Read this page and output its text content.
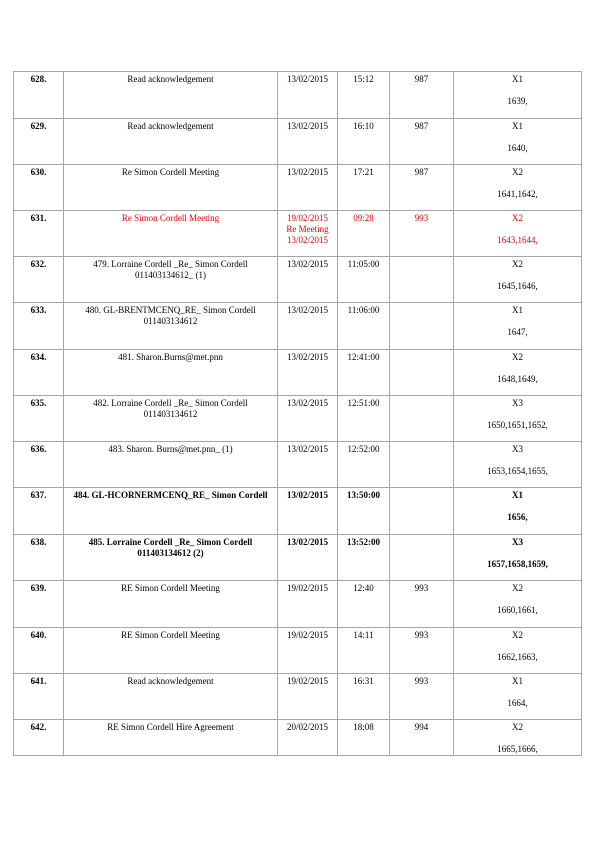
628.	Read acknowledgement	13/02/2015	15:12	987	X1
1639,

629.	Read acknowledgement	13/02/2015	16:10	987	X1
1640,

630.	Re Simon Cordell Meeting	13/02/2015	17:21	987	X2
1641,1642,

631.	Re Simon Cordell Meeting	19/02/2015
Re Meeting
13/02/2015	09:28	993	X2
1643,1644,

632.	479. Lorraine Cordell _Re_ Simon Cordell 011403134612_ (1)	13/02/2015	11:05:00		X2
1645,1646,

633.	480. GL-BRENTMCENQ_RE_ Simon Cordell 011403134612	13/02/2015	11:06:00		X1
1647,

634.	481. Sharon.Burns@met.pnn	13/02/2015	12:41:00		X2
1648,1649,

635.	482. Lorraine Cordell _Re_ Simon Cordell 011403134612	13/02/2015	12:51:00		X3
1650,1651,1652,

636.	483. Sharon. Burns@met.pnn_ (1)	13/02/2015	12:52:00		X3
1653,1654,1655,

637.	484. GL-HCORNERMCENQ_RE_ Simon Cordell	13/02/2015	13:50:00		X1
1656,

638.	485. Lorraine Cordell _Re_ Simon Cordell 011403134612 (2)	13/02/2015	13:52:00		X3
1657,1658,1659,

639.	RE Simon Cordell Meeting	19/02/2015	12:40	993	X2
1660,1661,

640.	RE Simon Cordell Meeting	19/02/2015	14:11	993	X2
1662,1663,

641.	Read acknowledgement	19/02/2015	16:31	993	X1
1664,

642.	RE Simon Cordell Hire Agreement	20/02/2015	18:08	994	X2
1665,1666,
